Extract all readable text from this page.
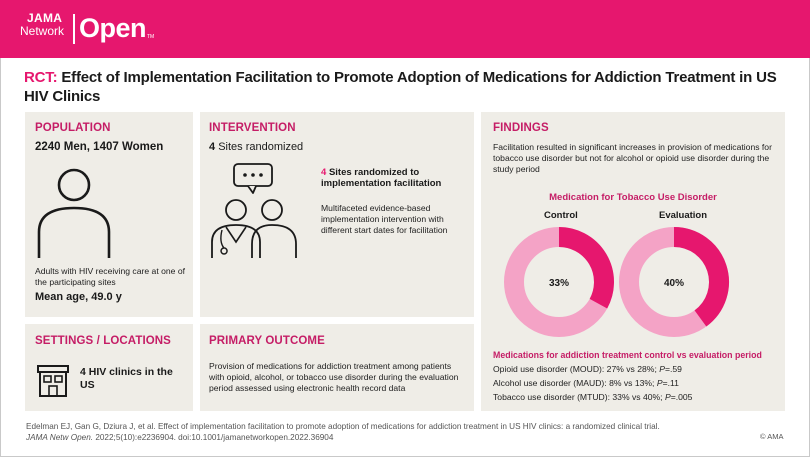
JAMA
Network Open TM
RCT: Effect of Implementation Facilitation to Promote Adoption of Medications for Addiction Treatment in US HIV Clinics
POPULATION
2240 Men, 1407 Women
Adults with HIV receiving care at one of the participating sites
Mean age, 49.0 y
INTERVENTION
4 Sites randomized
4 Sites randomized to implementation facilitation
Multifaceted evidence-based implementation intervention with different start dates for facilitation
FINDINGS
Facilitation resulted in significant increases in provision of medications for tobacco use disorder but not for alcohol or opioid use disorder during the study period
Medication for Tobacco Use Disorder
Control	Evaluation
33%	40%
Medications for addiction treatment control vs evaluation period
Opioid use disorder (MOUD): 27% vs 28%; P=.59
Alcohol use disorder (MAUD): 8% vs 13%; P=.11
Tobacco use disorder (MTUD): 33% vs 40%; P=.005
SETTINGS / LOCATIONS
4 HIV clinics in the US
PRIMARY OUTCOME
Provision of medications for addiction treatment among patients with opioid, alcohol, or tobacco use disorder during the evaluation period assessed using electronic health record data
Edelman EJ, Gan G, Dziura J, et al. Effect of implementation facilitation to promote adoption of medications for addiction treatment in US HIV clinics: a randomized clinical trial.
JAMA Netw Open. 2022;5(10):e2236904. doi:10.1001/jamanetworkopen.2022.36904	© AMA
